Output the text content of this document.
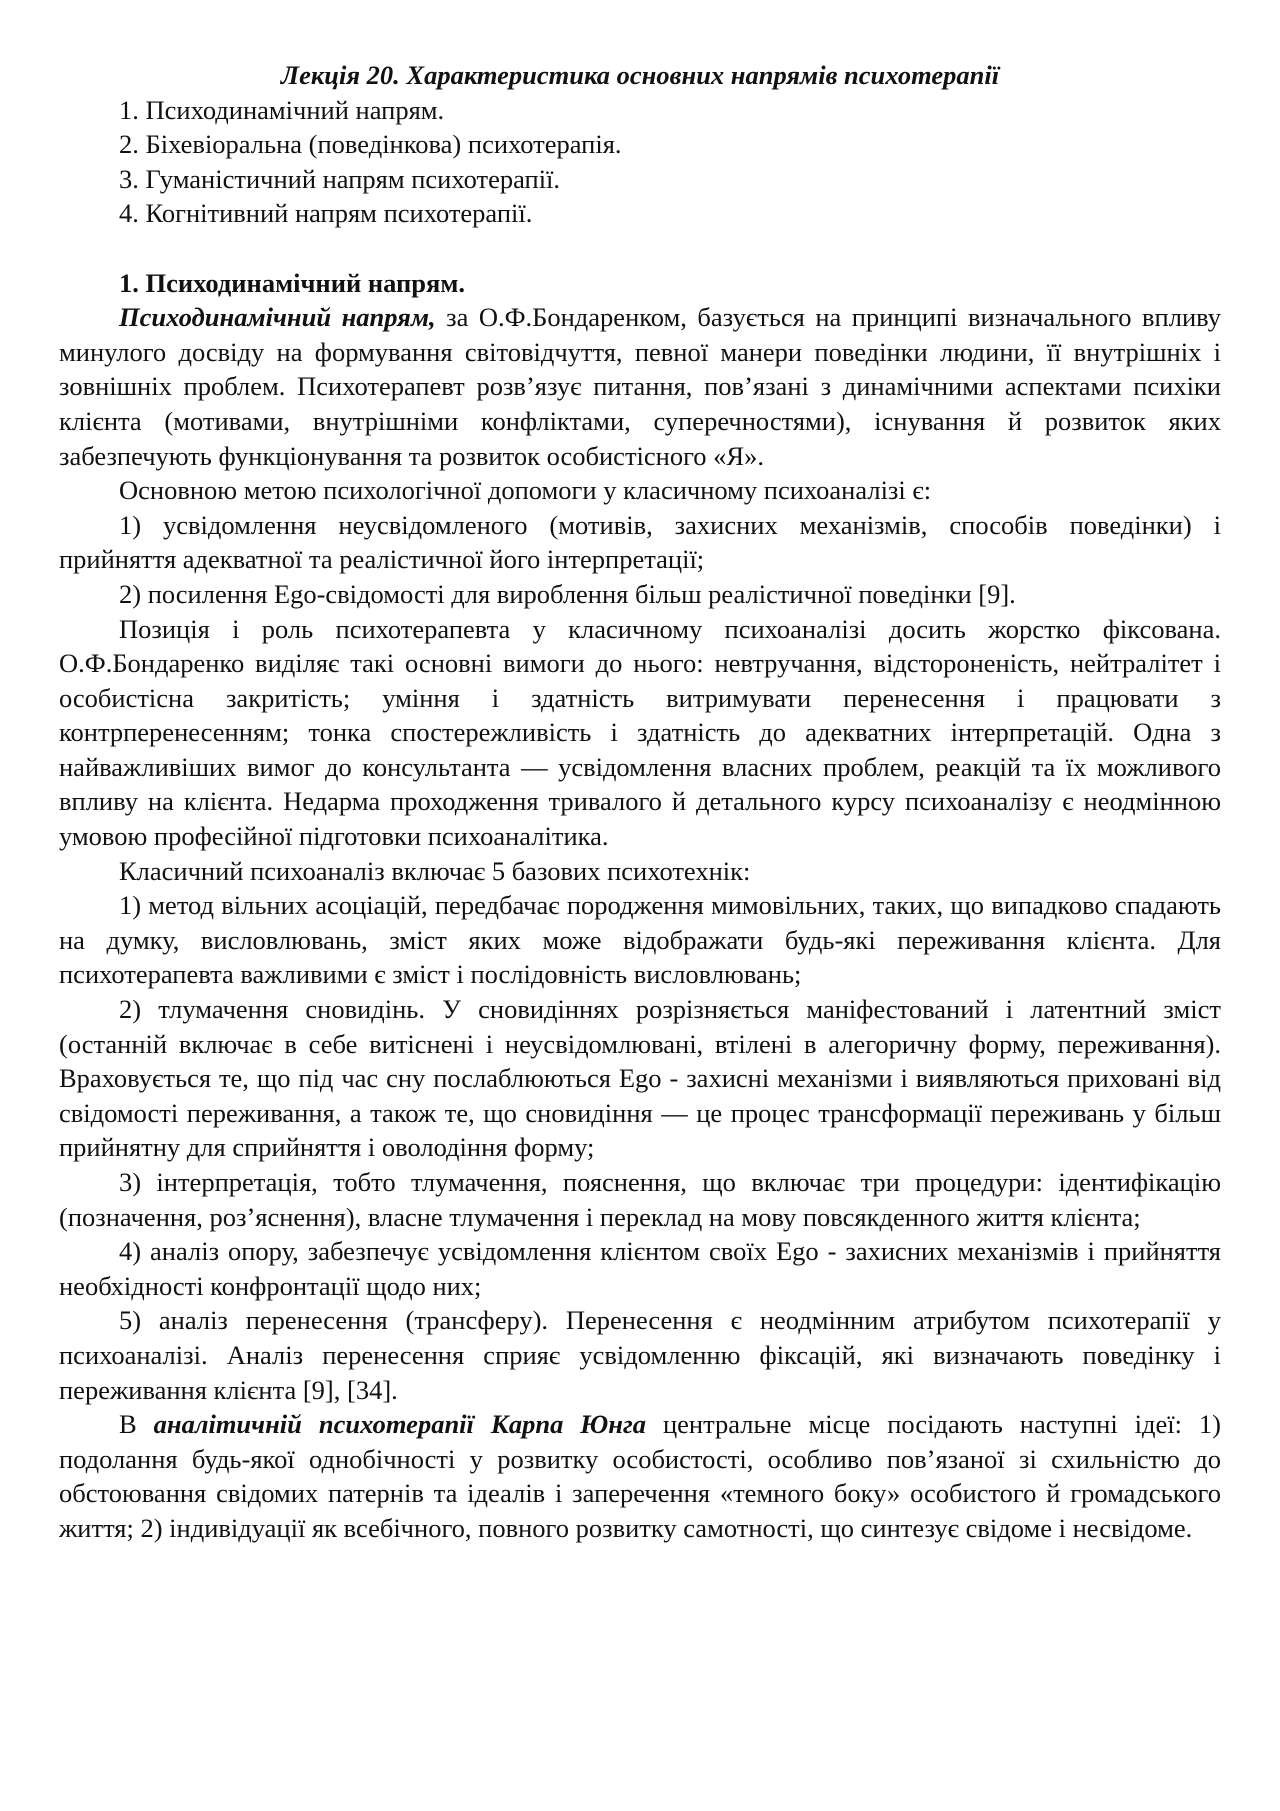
Лекція 20. Характеристика основних напрямів психотерапії

1. Психодинамічний напрям.

2. Біхевіоральна (поведінкова) психотерапія.

3. Гуманістичний напрям психотерапії.

4. Когнітивний напрям психотерапії.

1. Психодинамічний напрям.

Психодинамічний напрям, за О.Ф.Бондаренком, базується на принципі визначального впливу минулого досвіду на формування світовідчуття, певної манери поведінки людини, її внутрішніх і зовнішніх проблем. Психотерапевт розв’язує питання, пов’язані з динамічними аспектами психіки клієнта (мотивами, внутрішніми конфліктами, суперечностями), існування й розвиток яких забезпечують функціонування та розвиток особистісного «Я».

Основною метою психологічної допомоги у класичному психоаналізі є:

1) усвідомлення неусвідомленого (мотивів, захисних механізмів, способів поведінки) і прийняття адекватної та реалістичної його інтерпретації;

2) посилення Ego-свідомості для вироблення більш реалістичної поведінки [9].

Позиція і роль психотерапевта у класичному психоаналізі досить жорстко фіксована. О.Ф.Бондаренко виділяє такі основні вимоги до нього: невтручання, відстороненість, нейтралітет і особистісна закритість; уміння і здатність витримувати перенесення і працювати з контрперенесенням; тонка спостережливість і здатність до адекватних інтерпретацій. Одна з найважливіших вимог до консультанта — усвідомлення власних проблем, реакцій та їх можливого впливу на клієнта. Недарма проходження тривалого й детального курсу психоаналізу є неодмінною умовою професійної підготовки психоаналітика.

Класичний психоаналіз включає 5 базових психотехнік:

1) метод вільних асоціацій, передбачає породження мимовільних, таких, що випадково спадають на думку, висловлювань, зміст яких може відображати будь-які переживання клієнта. Для психотерапевта важливими є зміст і послідовність висловлювань;

2) тлумачення сновидінь. У сновидіннях розрізняється маніфестований і латентний зміст (останній включає в себе витіснені і неусвідомлювані, втілені в алегоричну форму, переживання). Враховується те, що під час сну послаблюються Ego - захисні механізми і виявляються приховані від свідомості переживання, а також те, що сновидіння — це процес трансформації переживань у більш прийнятну для сприйняття і оволодіння форму;

3) інтерпретація, тобто тлумачення, пояснення, що включає три процедури: ідентифікацію (позначення, роз’яснення), власне тлумачення і переклад на мову повсякденного життя клієнта;

4) аналіз опору, забезпечує усвідомлення клієнтом своїх Ego - захисних механізмів і прийняття необхідності конфронтації щодо них;

5) аналіз перенесення (трансферу). Перенесення є неодмінним атрибутом психотерапії у психоаналізі. Аналіз перенесення сприяє усвідомленню фіксацій, які визначають поведінку і переживання клієнта [9], [34].

В аналітичній психотерапії Карпа Юнга центральне місце посідають наступні ідеї: 1) подолання будь-якої однобічності у розвитку особистості, особливо пов’язаної зі схильністю до обстоювання свідомих патернів та ідеалів і заперечення «темного боку» особистого й громадського життя; 2) індивідуації як всебічного, повного розвитку самотності, що синтезує свідоме і несвідоме.
